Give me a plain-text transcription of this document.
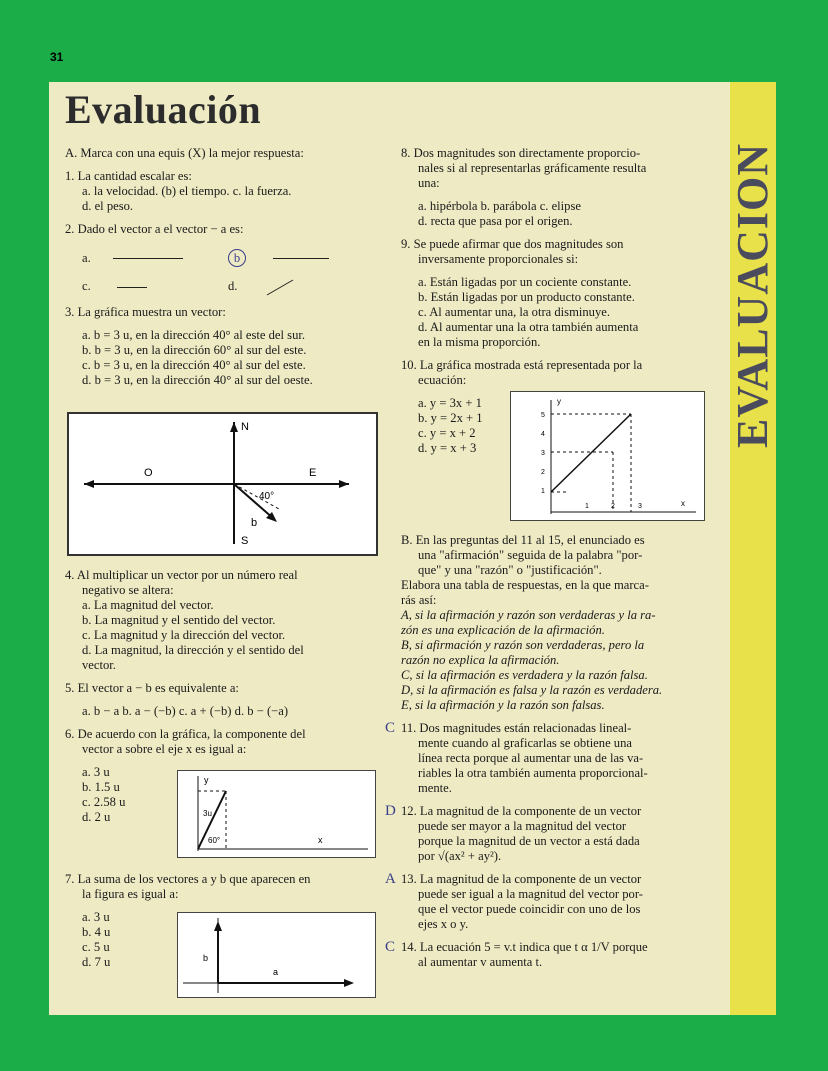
31
Evaluación
EVALUACION

A. Marca con una equis (X) la mejor respuesta:

1. La cantidad escalar es:

a. la velocidad. (b) el tiempo. c. la fuerza.

d. el peso.

2. Dado el vector a el vector − a es:

a.	b
c.	d.

3. La gráfica muestra un vector:

a. b = 3 u, en la dirección 40° al este del sur.

b. b = 3 u, en la dirección 60° al sur del este.

c. b = 3 u, en la dirección 40° al sur del este.

d. b = 3 u, en la dirección 40° al sur del oeste.

N
S
E
O
40°
b

4. Al multiplicar un vector por un número real

negativo se altera:

a. La magnitud del vector.

b. La magnitud y el sentido del vector.

c. La magnitud y la dirección del vector.

d. La magnitud, la dirección y el sentido del

vector.

5. El vector a − b es equivalente a:

a. b − a b. a − (−b) c. a + (−b) d. b − (−a)

6. De acuerdo con la gráfica, la componente del

vector a sobre el eje x es igual a:

a. 3 u

b. 1.5 u

c. 2.58 u

d. 2 u

y
x
60°
3u

7. La suma de los vectores a y b que aparecen en

la figura es igual a:

a. 3 u

b. 4 u

c. 5 u

d. 7 u	b
a

8. Dos magnitudes son directamente proporcio-

nales si al representarlas gráficamente resulta

una:

a. hipérbola b. parábola c. elipse

d. recta que pasa por el origen.

9. Se puede afirmar que dos magnitudes son

inversamente proporcionales si:

a. Están ligadas por un cociente constante.

b. Están ligadas por un producto constante.

c. Al aumentar una, la otra disminuye.

d. Al aumentar una la otra también aumenta

en la misma proporción.

10. La gráfica mostrada está representada por la

ecuación:

a. y = 3x + 1

b. y = 2x + 1

c. y = x + 2

d. y = x + 3

y
x
5
4
3
2
1
1	2	3

B. En las preguntas del 11 al 15, el enunciado es

una "afirmación" seguida de la palabra "por-

que" y una "razón" o "justificación".

Elabora una tabla de respuestas, en la que marca-

rás así:

A, si la afirmación y razón son verdaderas y la ra-

zón es una explicación de la afirmación.

B, si afirmación y razón son verdaderas, pero la

razón no explica la afirmación.

C, si la afirmación es verdadera y la razón falsa.

D, si la afirmación es falsa y la razón es verdadera.

E, si la afirmación y la razón son falsas.

C 11. Dos magnitudes están relacionadas lineal-

mente cuando al graficarlas se obtiene una

línea recta porque al aumentar una de las va-

riables la otra también aumenta proporcional-

mente.

D 12. La magnitud de la componente de un vector

puede ser mayor a la magnitud del vector

porque la magnitud de un vector a está dada

por √(ax² + ay²).

A 13. La magnitud de la componente de un vector

puede ser igual a la magnitud del vector por-

que el vector puede coincidir con uno de los

ejes x o y.

C 14. La ecuación 5 = v.t indica que t α 1/V porque

al aumentar v aumenta t.
